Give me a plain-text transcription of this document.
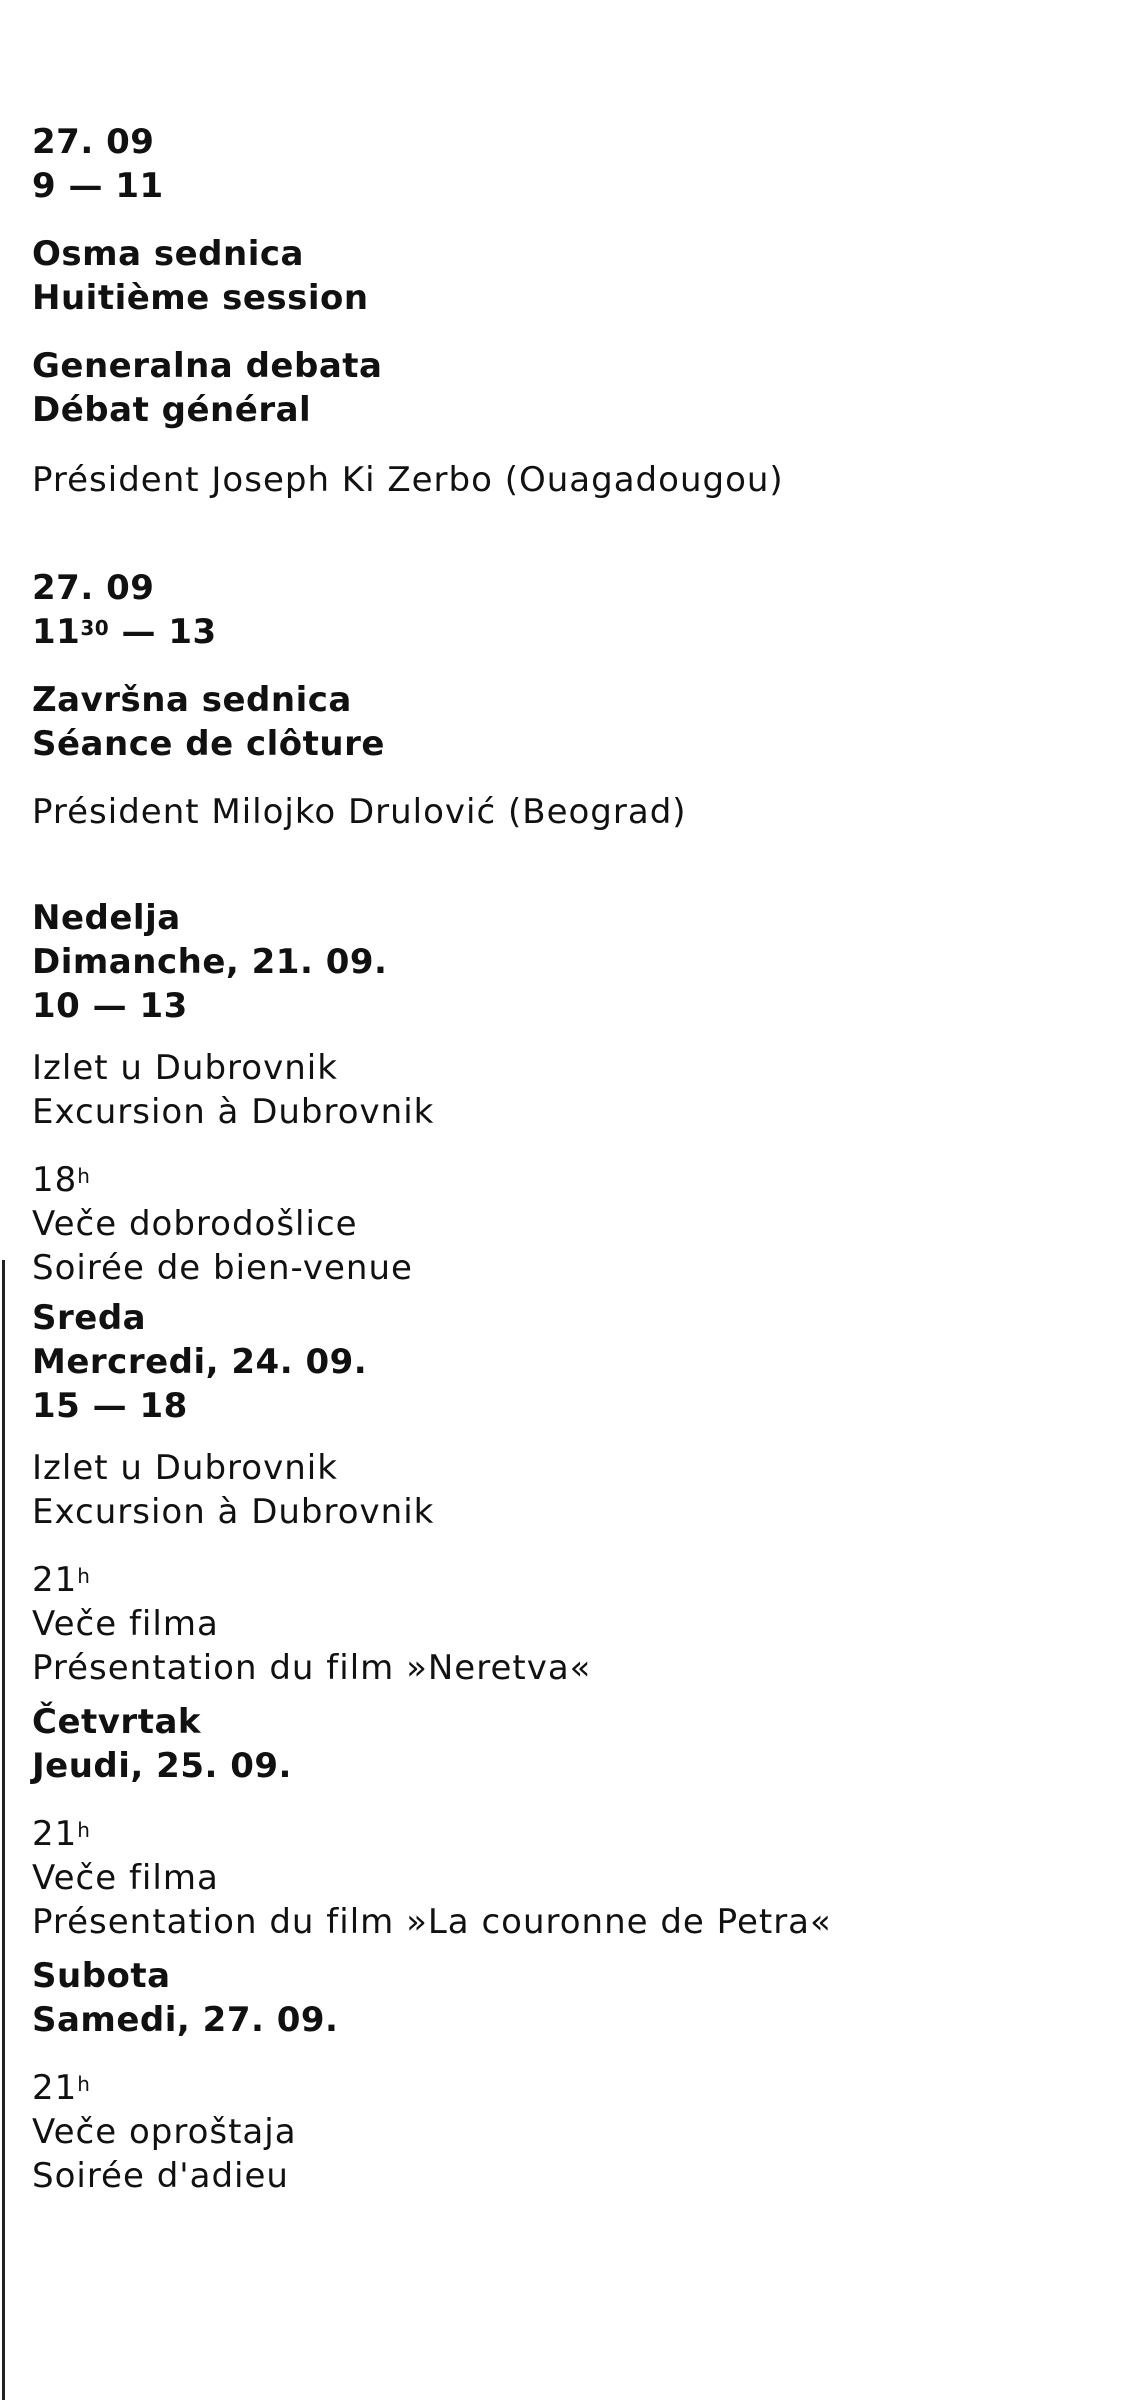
27. 09
9 — 11
Osma sednica
Huitième session
Generalna debata
Débat général
Président Joseph Ki Zerbo (Ouagadougou)
27. 09
$11^{30}$ — 13
Završna sednica
Séance de clôture
Président Milojko Drulović (Beograd)
Nedelja
Dimanche, 21. 09.
10 — 13
Izlet u Dubrovnik
Excursion à Dubrovnik
18$^h$
Veče dobrodošlice
Soirée de bien-venue
Sreda
Mercredi, 24. 09.
15 — 18
Izlet u Dubrovnik
Excursion à Dubrovnik
21$^h$
Veče filma
Présentation du film »Neretva«
Četvrtak
Jeudi, 25. 09.
21$^h$
Veče filma
Présentation du film »La couronne de Petra«
Subota
Samedi, 27. 09.
21$^h$
Veče oproštaja
Soirée d'adieu
